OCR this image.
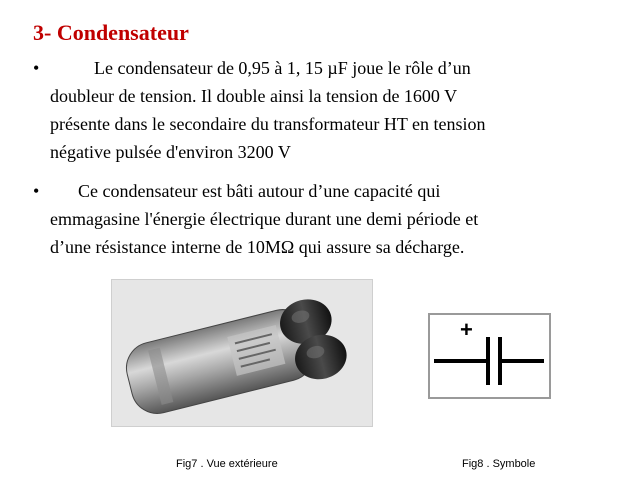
3- Condensateur
•	Le condensateur de 0,95 à 1, 15 µF joue le rôle d’un
doubleur de tension. Il double ainsi la tension de 1600 V
présente dans le secondaire du transformateur HT en tension
négative pulsée d'environ 3200 V
•	Ce condensateur est bâti autour d’une capacité qui
emmagasine l'énergie électrique durant une demi période et
d’une résistance interne de 10MΩ qui assure sa décharge.
+
Fig7 . Vue extérieure	Fig8 . Symbole
